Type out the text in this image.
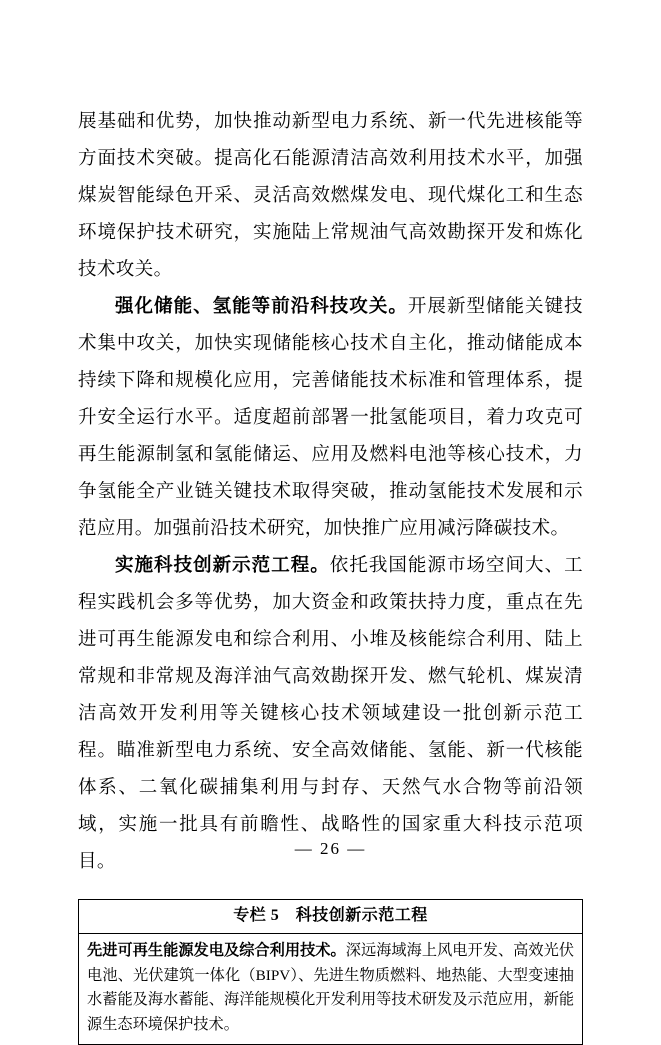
展基础和优势，加快推动新型电力系统、新一代先进核能等方面技术突破。提高化石能源清洁高效利用技术水平，加强煤炭智能绿色开采、灵活高效燃煤发电、现代煤化工和生态环境保护技术研究，实施陆上常规油气高效勘探开发和炼化技术攻关。

强化储能、氢能等前沿科技攻关。开展新型储能关键技术集中攻关，加快实现储能核心技术自主化，推动储能成本持续下降和规模化应用，完善储能技术标准和管理体系，提升安全运行水平。适度超前部署一批氢能项目，着力攻克可再生能源制氢和氢能储运、应用及燃料电池等核心技术，力争氢能全产业链关键技术取得突破，推动氢能技术发展和示范应用。加强前沿技术研究，加快推广应用减污降碳技术。

实施科技创新示范工程。依托我国能源市场空间大、工程实践机会多等优势，加大资金和政策扶持力度，重点在先进可再生能源发电和综合利用、小堆及核能综合利用、陆上常规和非常规及海洋油气高效勘探开发、燃气轮机、煤炭清洁高效开发利用等关键核心技术领域建设一批创新示范工程。瞄准新型电力系统、安全高效储能、氢能、新一代核能体系、二氧化碳捕集利用与封存、天然气水合物等前沿领域，实施一批具有前瞻性、战略性的国家重大科技示范项目。

专栏 5　科技创新示范工程
先进可再生能源发电及综合利用技术。深远海域海上风电开发、高效光伏电池、光伏建筑一体化（BIPV）、先进生物质燃料、地热能、大型变速抽水蓄能及海水蓄能、海洋能规模化开发利用等技术研发及示范应用，新能源生态环境保护技术。
— 26 —
